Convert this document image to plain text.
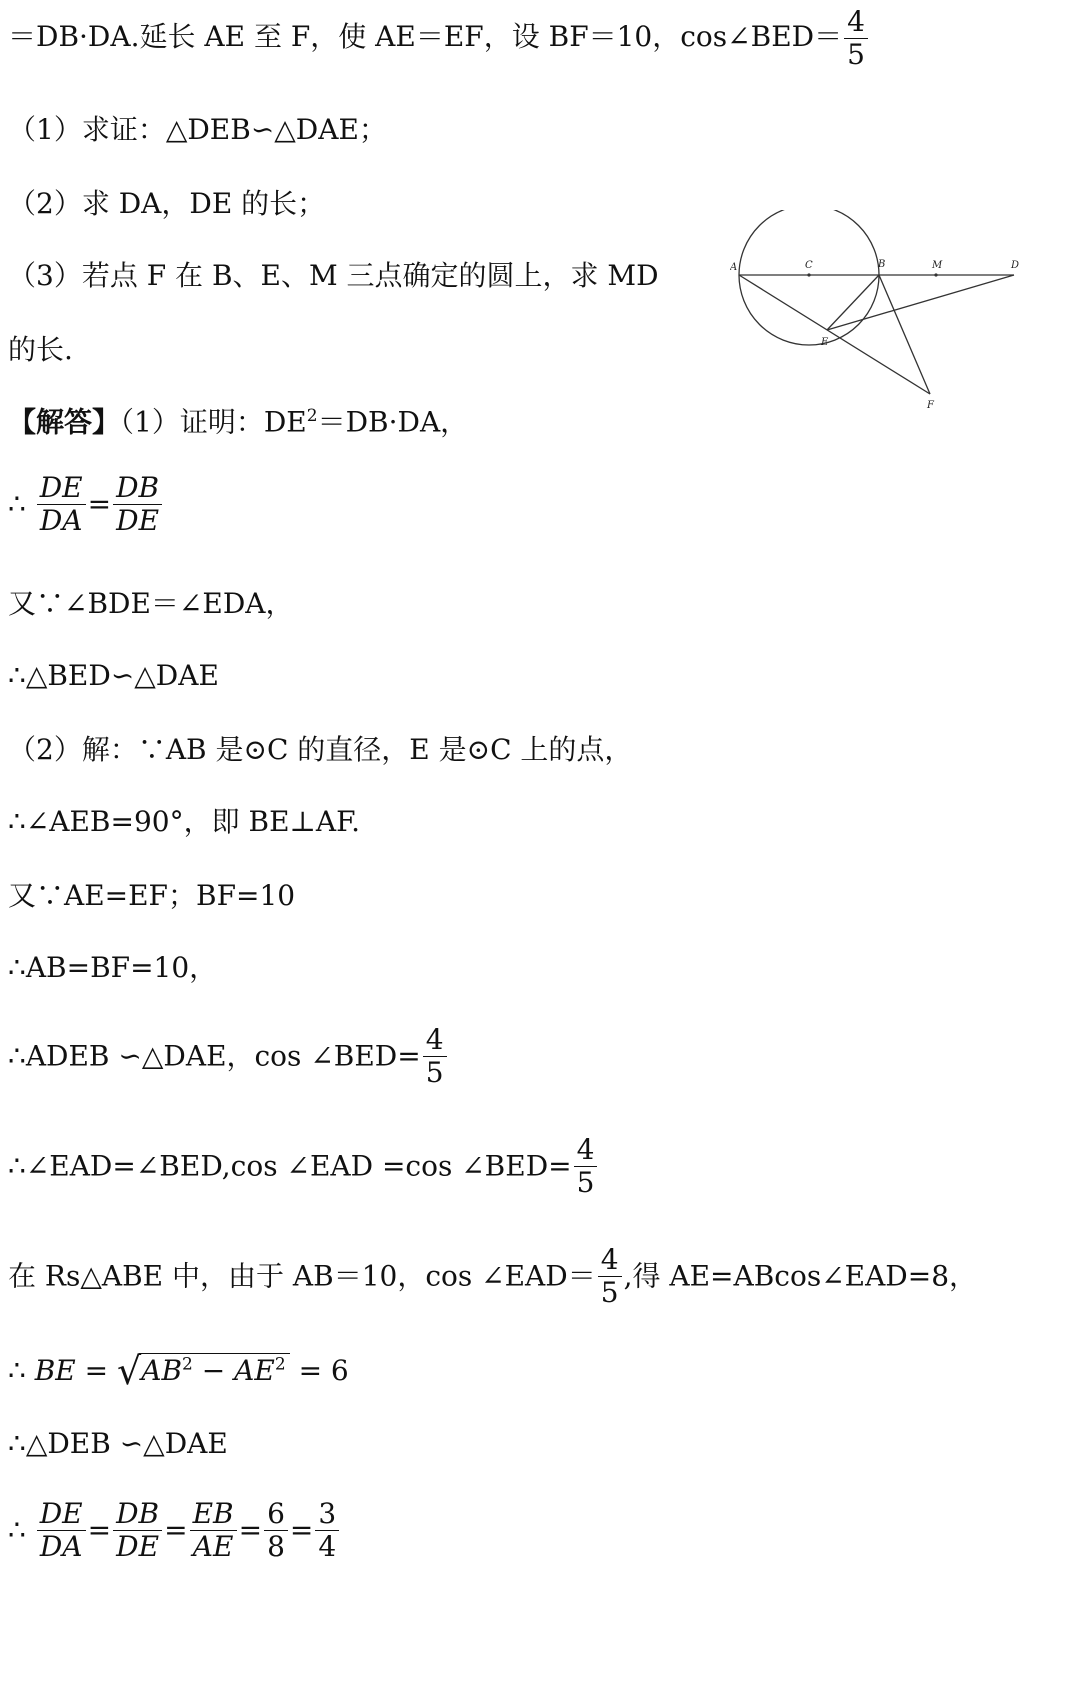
＝DB·DA.延长 AE 至 F，使 AE＝EF，设 BF＝10，cos∠BED＝ $\frac{4}{5}$
（1）求证：△DEB∽△DAE；
（2）求 DA，DE 的长；
（3）若点 F 在 B、E、M 三点确定的圆上，求 MD
的长.
A	C	B	M	D
E
F
【解答】（1）证明：$DE^2=DB\cdot DA$，
∴ $\frac{DE}{DA} = \frac{DB}{DE}$
又∵∠BDE＝∠EDA，
∴△BED∽△DAE
（2）解：∵AB 是⊙C 的直径，E 是⊙C 上的点，
∴∠AEB=90°，即 BE⊥AF.
又∵AE=EF；BF=10
∴AB=BF=10，
∴ADEB ∽△DAE，cos ∠BED= $\frac{4}{5}$
∴∠EAD=∠BED,cos ∠EAD =cos ∠BED= $\frac{4}{5}$
在 Rs△ABE 中，由于 AB＝10，cos ∠EAD＝ $\frac{4}{5}$ ,得 AE=ABcos∠EAD=8，
∴ BE = $√AB^2 - AE^2 = 6$
∴△DEB ∽△DAE
∴ $\frac{DE}{DA} = \frac{DB}{DE} = \frac{EB}{AE} = \frac{6}{8} = \frac{3}{4}$
